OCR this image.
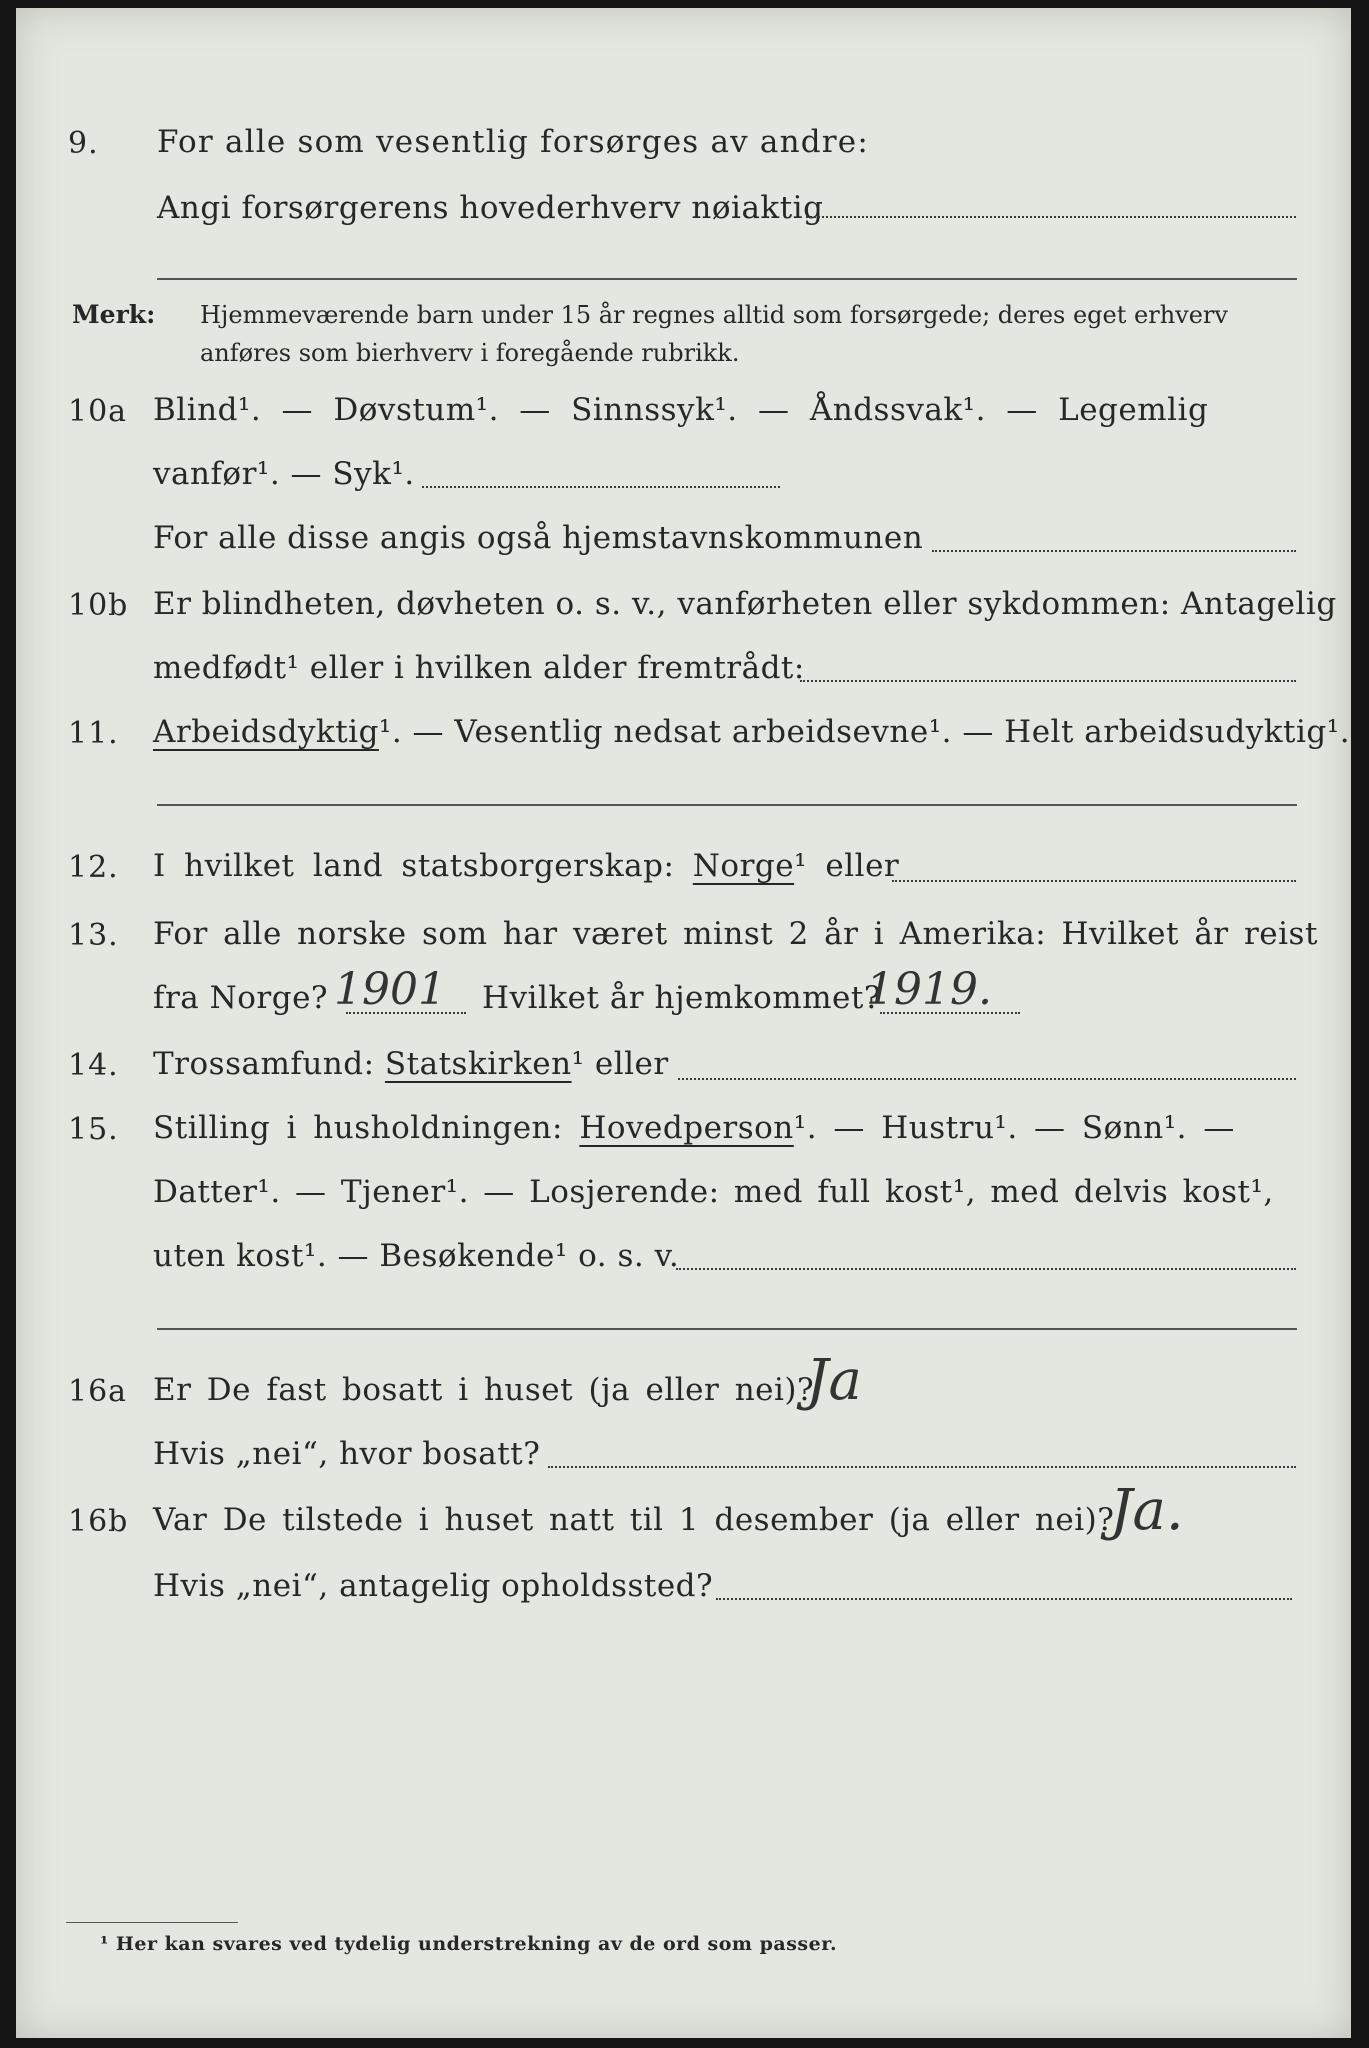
9. For alle som vesentlig forsørges av andre:
Angi forsørgerens hovederhverv nøiaktig
Merk: Hjemmeværende barn under 15 år regnes alltid som forsørgede; deres eget erhverv anføres som bierhverv i foregående rubrikk.
10a Blind¹. — Døvstum¹. — Sinnssyk¹. — Åndssvak¹. — Legemlig
vanfør¹. — Syk¹.
For alle disse angis også hjemstavnskommunen
10b Er blindheten, døvheten o. s. v., vanførheten eller sykdommen: Antagelig
medfødt¹ eller i hvilken alder fremtrådt:
11. Arbeidsdyktig¹. — Vesentlig nedsat arbeidsevne¹. — Helt arbeidsudyktig¹.
12. I hvilket land statsborgerskap: Norge¹ eller
13. For alle norske som har været minst 2 år i Amerika: Hvilket år reist
fra Norge? 1901 Hvilket år hjemkommet?
1919.
14. Trossamfund: Statskirken¹ eller
15. Stilling i husholdningen: Hovedperson¹. — Hustru¹. — Sønn¹. —
Datter¹. — Tjener¹. — Losjerende: med full kost¹, med delvis kost¹,
uten kost¹. — Besøkende¹ o. s. v.
16a Er De fast bosatt i huset (ja eller nei)?
Ja
Hvis „nei“, hvor bosatt?
16b Var De tilstede i huset natt til 1 desember (ja eller nei)?
Ja.
Hvis „nei“, antagelig opholdssted?
¹ Her kan svares ved tydelig understrekning av de ord som passer.
